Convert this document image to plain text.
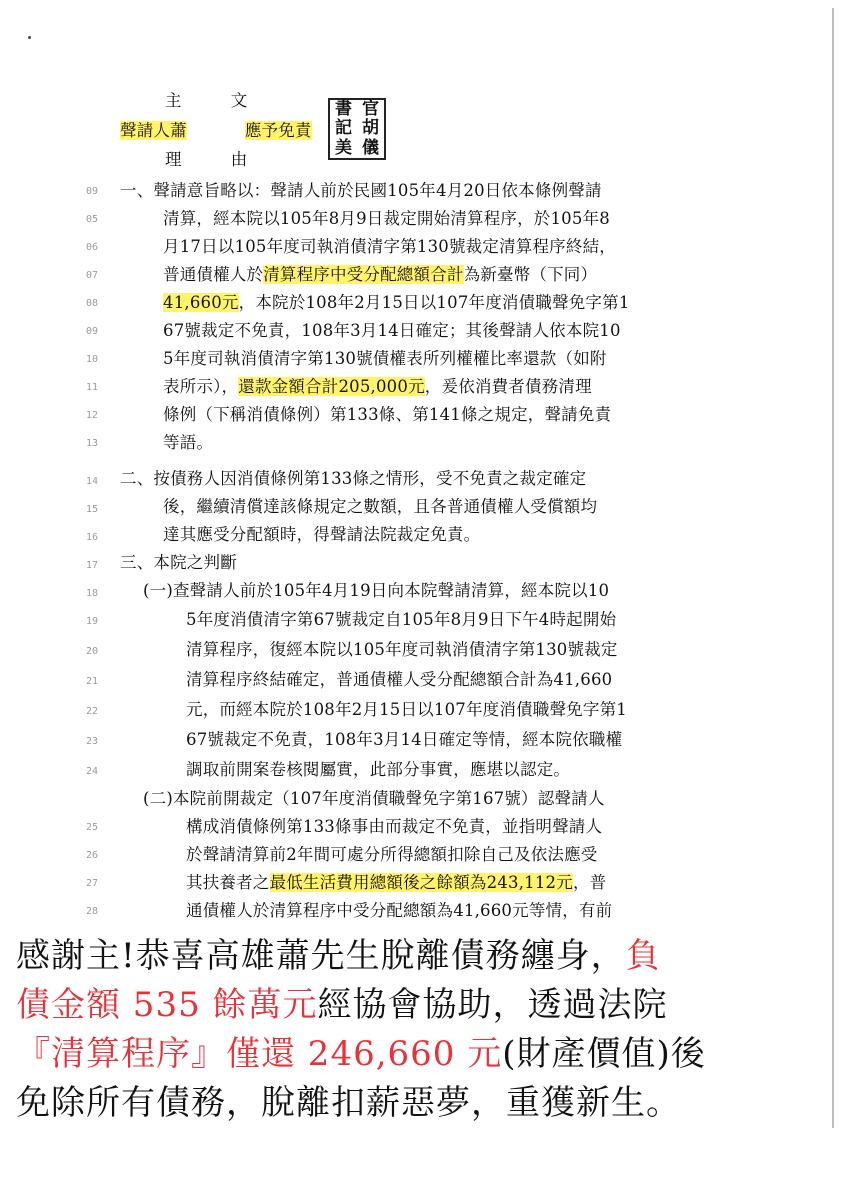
主 文
聲請人蕭	應予免責
理 由
書 官
記 胡
美 儀
09
05
06
07
08
09
10
11
12
13
14
15
16
17
18
19
20
21
22
23
24
25
26
27
28
一、聲請意旨略以：聲請人前於民國105年4月20日依本條例聲請
清算，經本院以105年8月9日裁定開始清算程序，於105年8
月17日以105年度司執消債清字第130號裁定清算程序終結，
普通債權人於清算程序中受分配總額合計為新臺幣（下同）
41,660元，本院於108年2月15日以107年度消債職聲免字第1
67號裁定不免責，108年3月14日確定；其後聲請人依本院10
5年度司執消債清字第130號債權表所列權權比率還款（如附
表所示），還款金額合計205,000元，爰依消費者債務清理
條例（下稱消債條例）第133條、第141條之規定，聲請免責
等語。
二、按債務人因消債條例第133條之情形，受不免責之裁定確定
後，繼續清償達該條規定之數額，且各普通債權人受償額均
達其應受分配額時，得聲請法院裁定免責。
三、本院之判斷
(一)查聲請人前於105年4月19日向本院聲請清算，經本院以10
5年度消債清字第67號裁定自105年8月9日下午4時起開始
清算程序，復經本院以105年度司執消債清字第130號裁定
清算程序終結確定，普通債權人受分配總額合計為41,660
元，而經本院於108年2月15日以107年度消債職聲免字第1
67號裁定不免責，108年3月14日確定等情，經本院依職權
調取前開案卷核閱屬實，此部分事實，應堪以認定。
(二)本院前開裁定（107年度消債職聲免字第167號）認聲請人
構成消債條例第133條事由而裁定不免責，並指明聲請人
於聲請清算前2年間可處分所得總額扣除自己及依法應受
其扶養者之最低生活費用總額後之餘額為243,112元，普
通債權人於清算程序中受分配總額為41,660元等情，有前
感謝主!恭喜高雄蕭先生脫離債務纏身，負
債金額 535 餘萬元經協會協助，透過法院
『清算程序』僅還 246,660 元(財產價值)後
免除所有債務，脫離扣薪惡夢，重獲新生。
